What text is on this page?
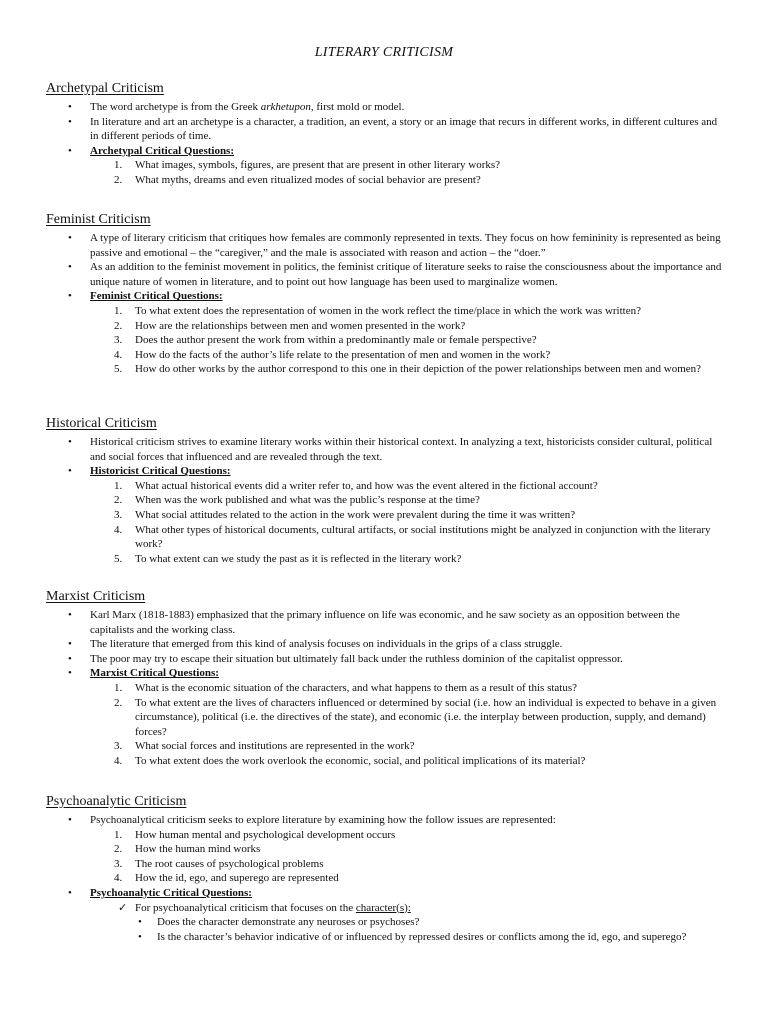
LITERARY CRITICISM
Archetypal Criticism
• The word archetype is from the Greek arkhetupon, first mold or model.
• In literature and art an archetype is a character, a tradition, an event, a story or an image that recurs in different works, in different cultures and in different periods of time.
• Archetypal Critical Questions:
1. What images, symbols, figures, are present that are present in other literary works?
2. What myths, dreams and even ritualized modes of social behavior are present?
Feminist Criticism
• A type of literary criticism that critiques how females are commonly represented in texts. They focus on how femininity is represented as being passive and emotional – the “caregiver,” and the male is associated with reason and action – the “doer.”
• As an addition to the feminist movement in politics, the feminist critique of literature seeks to raise the consciousness about the importance and unique nature of women in literature, and to point out how language has been used to marginalize women.
• Feminist Critical Questions:
1. To what extent does the representation of women in the work reflect the time/place in which the work was written?
2. How are the relationships between men and women presented in the work?
3. Does the author present the work from within a predominantly male or female perspective?
4. How do the facts of the author’s life relate to the presentation of men and women in the work?
5. How do other works by the author correspond to this one in their depiction of the power relationships between men and women?
Historical Criticism
• Historical criticism strives to examine literary works within their historical context. In analyzing a text, historicists consider cultural, political and social forces that influenced and are revealed through the text.
• Historicist Critical Questions:
1. What actual historical events did a writer refer to, and how was the event altered in the fictional account?
2. When was the work published and what was the public’s response at the time?
3. What social attitudes related to the action in the work were prevalent during the time it was written?
4. What other types of historical documents, cultural artifacts, or social institutions might be analyzed in conjunction with the literary work?
5. To what extent can we study the past as it is reflected in the literary work?
Marxist Criticism
• Karl Marx (1818-1883) emphasized that the primary influence on life was economic, and he saw society as an opposition between the capitalists and the working class.
• The literature that emerged from this kind of analysis focuses on individuals in the grips of a class struggle.
• The poor may try to escape their situation but ultimately fall back under the ruthless dominion of the capitalist oppressor.
• Marxist Critical Questions:
1. What is the economic situation of the characters, and what happens to them as a result of this status?
2. To what extent are the lives of characters influenced or determined by social (i.e. how an individual is expected to behave in a given circumstance), political (i.e. the directives of the state), and economic (i.e. the interplay between production, supply, and demand) forces?
3. What social forces and institutions are represented in the work?
4. To what extent does the work overlook the economic, social, and political implications of its material?
Psychoanalytic Criticism
• Psychoanalytical criticism seeks to explore literature by examining how the follow issues are represented:
1. How human mental and psychological development occurs
2. How the human mind works
3. The root causes of psychological problems
4. How the id, ego, and superego are represented
• Psychoanalytic Critical Questions:
✓ For psychoanalytical criticism that focuses on the character(s):
• Does the character demonstrate any neuroses or psychoses?
• Is the character’s behavior indicative of or influenced by repressed desires or conflicts among the id, ego, and superego?
